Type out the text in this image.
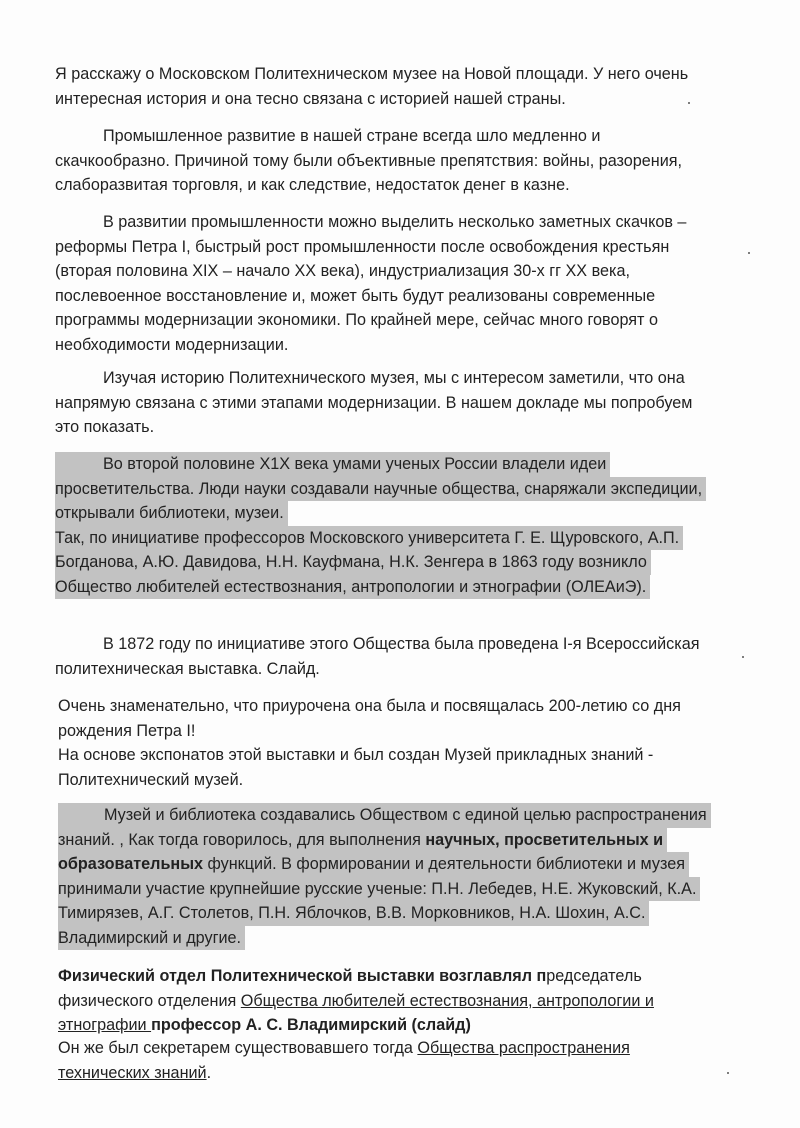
Я расскажу о Московском Политехническом музее на Новой площади. У него очень
интересная история и она тесно связана с историей нашей страны.
Промышленное развитие в нашей стране всегда шло медленно и
скачкообразно. Причиной тому были объективные препятствия: войны, разорения,
слаборазвитая торговля, и как следствие, недостаток денег в казне.
В развитии промышленности можно выделить несколько заметных скачков –
реформы Петра I, быстрый рост промышленности после освобождения крестьян
(вторая половина XIX – начало XX века), индустриализация 30-х гг XX века,
послевоенное восстановление и, может быть будут реализованы современные
программы модернизации экономики. По крайней мере, сейчас много говорят о
необходимости модернизации.
Изучая историю Политехнического музея, мы с интересом заметили, что она
напрямую связана с этими этапами модернизации. В нашем докладе мы попробуем
это показать.
Во второй половине Х1Х века умами ученых России владели идеи
просветительства. Люди науки создавали научные общества, снаряжали экспедиции,
открывали библиотеки, музеи.
Так, по инициативе профессоров Московского университета Г. Е. Щуровского, А.П.
Богданова, А.Ю. Давидова, Н.Н. Кауфмана, Н.К. Зенгера в 1863 году возникло
Общество любителей естествознания, антропологии и этнографии (ОЛЕАиЭ).
В 1872 году по инициативе этого Общества была проведена I-я Всероссийская
политехническая выставка. Слайд.
Очень знаменательно, что приурочена она была и посвящалась 200-летию со дня
рождения Петра I!
На основе экспонатов этой выставки и был создан Музей прикладных знаний -
Политехнический музей.
Музей и библиотека создавались Обществом с единой целью распространения
знаний. , Как тогда говорилось, для выполнения научных, просветительных и
образовательных функций. В формировании и деятельности библиотеки и музея
принимали участие крупнейшие русские ученые: П.Н. Лебедев, Н.Е. Жуковский, К.А.
Тимирязев, А.Г. Столетов, П.Н. Яблочков, В.В. Морковников, Н.А. Шохин, А.С.
Владимирский и другие.
Физический отдел Политехнической выставки возглавлял председатель
физического отделения Общества любителей естествознания, антропологии и
этнографии профессор А. С. Владимирский (слайд)
Он же был секретарем существовавшего тогда Общества распространения
технических знаний.
